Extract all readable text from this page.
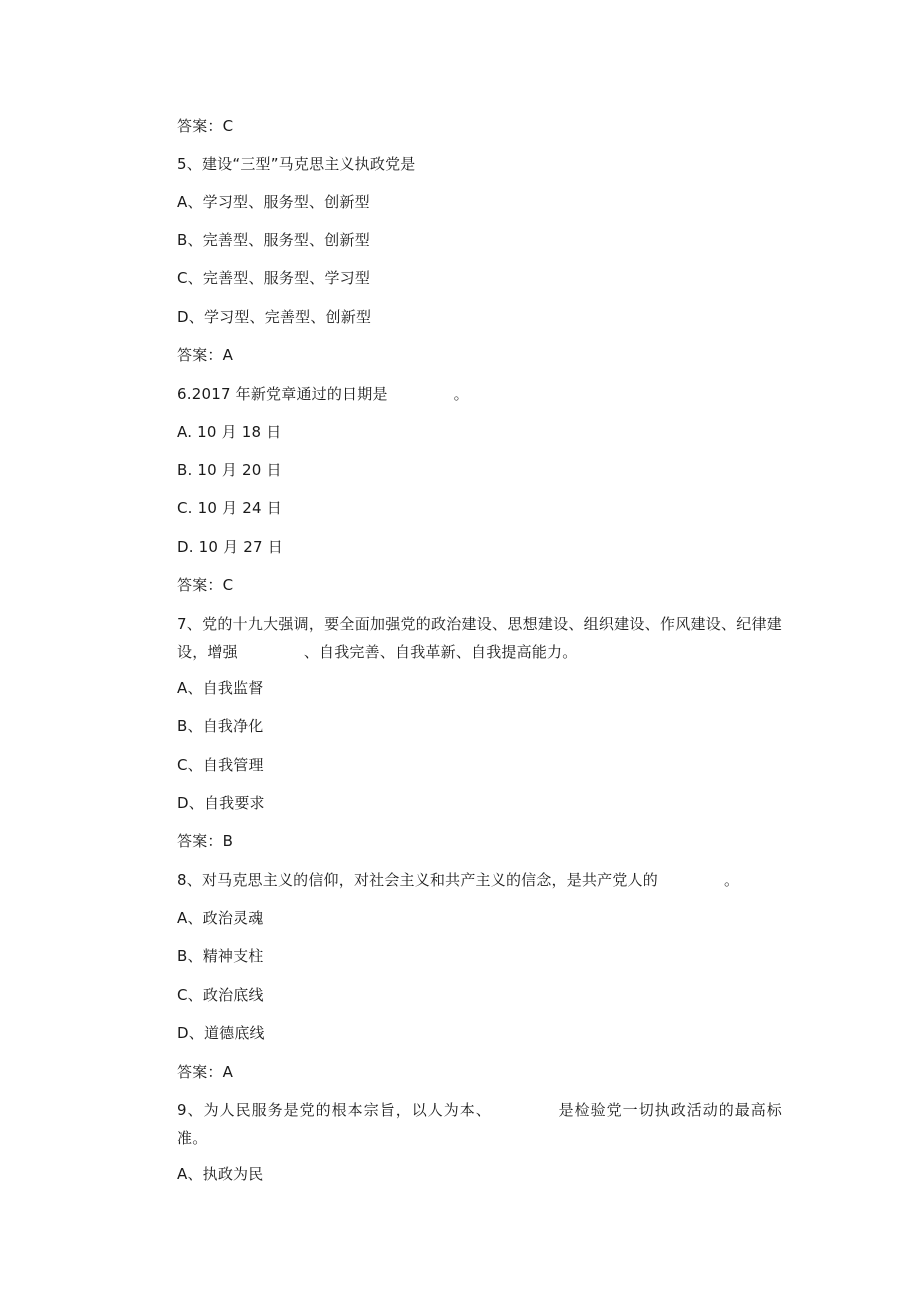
答案：C
5、建设“三型”马克思主义执政党是
A、学习型、服务型、创新型
B、完善型、服务型、创新型
C、完善型、服务型、学习型
D、学习型、完善型、创新型
答案：A
6.2017 年新党章通过的日期是	。
A. 10 月 18 日
B. 10 月 20 日
C. 10 月 24 日
D. 10 月 27 日
答案：C
7、党的十九大强调，要全面加强党的政治建设、思想建设、组织建设、作风建设、纪律建设，增强	、自我完善、自我革新、自我提高能力。
A、自我监督
B、自我净化
C、自我管理
D、自我要求
答案：B
8、对马克思主义的信仰，对社会主义和共产主义的信念，是共产党人的	。
A、政治灵魂
B、精神支柱
C、政治底线
D、道德底线
答案：A
9、为人民服务是党的根本宗旨，以人为本、	是检验党一切执政活动的最高标准。
A、执政为民
